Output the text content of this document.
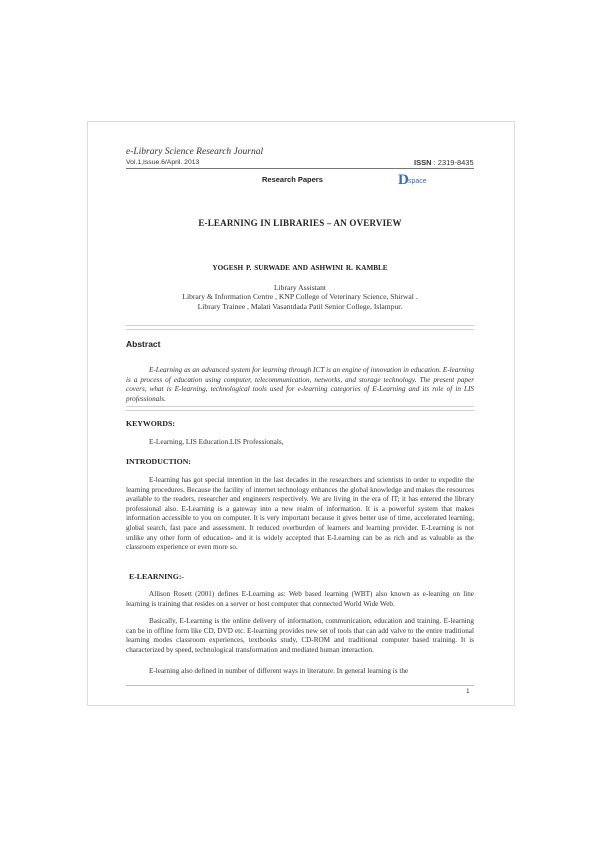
e-Library Science Research Journal
Vol.1,Issue.6/April. 2013	ISSN : 2319-8435
Research Papers	D space
E-LEARNING IN LIBRARIES – AN OVERVIEW
YOGESH P. SURWADE AND ASHWINI R. KAMBLE
Library Assistant
Library & Information Centre , KNP College of Veterinary Science, Shirwal .
Library Trainee , Malati Vasantdada Patil Senior College, Islampur.
Abstract
E-Learning as an advanced system for learning through ICT is an engine of innovation in education. E-learning is a process of education using computer, telecommunication, networks, and storage technology. The present paper covers, what is E-learning, technological tools used for e-learning categories of E-Learning and its role of in LIS professionals.
KEYWORDS:
E-Learning, LIS Education.LIS Professionals,
INTRODUCTION:
E-learning has got special intention in the last decades in the researchers and scientists in order to expedite the learning procedures. Because the facility of internet technology enhances the global knowledge and makes the resources available to the readers, researcher and engineers respectively. We are living in the era of IT; it has entered the library professional also. E-Learning is a gateway into a new realm of information. It is a powerful system that makes information accessible to you on computer. It is very important because it gives better use of time, accelerated learning, global search, fast pace and assessment. It reduced overburden of learners and learning provider. E-Learning is not unlike any other form of education- and it is widely accepted that E-Learning can be as rich and as valuable as the classroom experience or even more so.
E-LEARNING:-
Allison Rosett (2001) defines E-Learning as: Web based learning (WBT) also known as e-leaning on line learning is training that resides on a server or host computer that connected World Wide Web.
Basically, E-Learning is the online delivery of information, communication, education and training. E-learning can be in offline form like CD, DVD etc. E-learning provides new set of tools that can add valve to the entire traditional learning modes classroom experiences, textbooks study, CD-ROM and traditional computer based training. It is characterized by speed, technological transformation and mediated human interaction.
E-learning also defined in number of different ways in literature. In general learning is the
1
